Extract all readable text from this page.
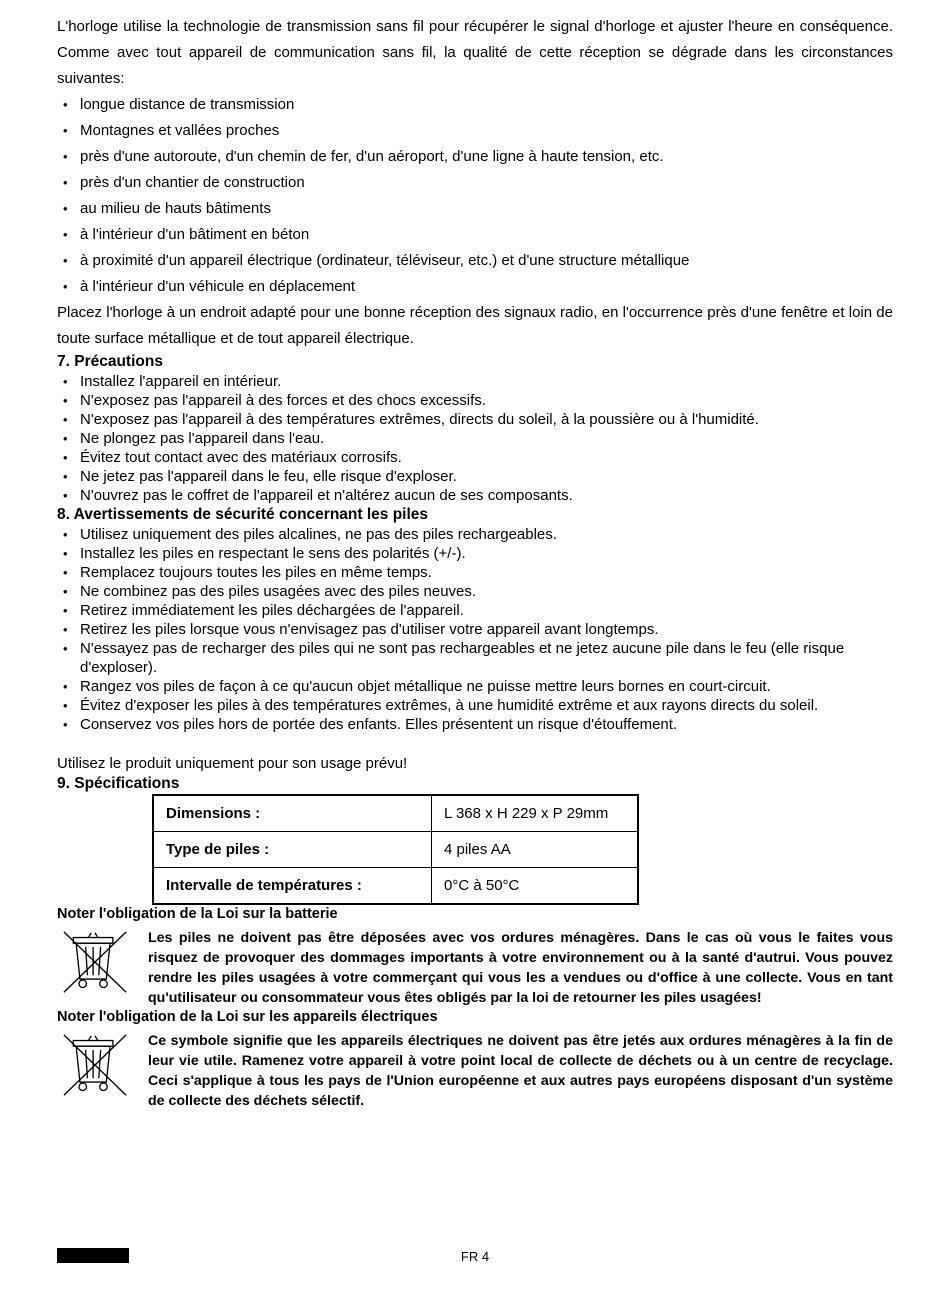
L'horloge utilise la technologie de transmission sans fil pour récupérer le signal d'horloge et ajuster l'heure en conséquence. Comme avec tout appareil de communication sans fil, la qualité de cette réception se dégrade dans les circonstances suivantes:

• longue distance de transmission
• Montagnes et vallées proches
• près d'une autoroute, d'un chemin de fer, d'un aéroport, d'une ligne à haute tension, etc.
• près d'un chantier de construction
• au milieu de hauts bâtiments
• à l'intérieur d'un bâtiment en béton
• à proximité d'un appareil électrique (ordinateur, téléviseur, etc.) et d'une structure métallique
• à l'intérieur d'un véhicule en déplacement

Placez l'horloge à un endroit adapté pour une bonne réception des signaux radio, en l'occurrence près d'une fenêtre et loin de toute surface métallique et de tout appareil électrique.

7. Précautions
• Installez l'appareil en intérieur.
• N'exposez pas l'appareil à des forces et des chocs excessifs.
• N'exposez pas l'appareil à des températures extrêmes, directs du soleil, à la poussière ou à l'humidité.
• Ne plongez pas l'appareil dans l'eau.
• Évitez tout contact avec des matériaux corrosifs.
• Ne jetez pas l'appareil dans le feu, elle risque d'exploser.
• N'ouvrez pas le coffret de l'appareil et n'altérez aucun de ses composants.
8. Avertissements de sécurité concernant les piles
• Utilisez uniquement des piles alcalines, ne pas des piles rechargeables.
• Installez les piles en respectant le sens des polarités (+/-).
• Remplacez toujours toutes les piles en même temps.
• Ne combinez pas des piles usagées avec des piles neuves.
• Retirez immédiatement les piles déchargées de l'appareil.
• Retirez les piles lorsque vous n'envisagez pas d'utiliser votre appareil avant longtemps.
• N'essayez pas de recharger des piles qui ne sont pas rechargeables et ne jetez aucune pile dans le feu (elle risque d'exploser).
• Rangez vos piles de façon à ce qu'aucun objet métallique ne puisse mettre leurs bornes en court-circuit.
• Évitez d'exposer les piles à des températures extrêmes, à une humidité extrême et aux rayons directs du soleil.
• Conservez vos piles hors de portée des enfants. Elles présentent un risque d'étouffement.

Utilisez le produit uniquement pour son usage prévu!

9. Spécifications
Dimensions :	L 368 x H 229 x P 29mm
Type de piles :	4 piles AA
Intervalle de températures :	0°C à 50°C
Noter l'obligation de la Loi sur la batterie

Les piles ne doivent pas être déposées avec vos ordures ménagères. Dans le cas où vous le faites vous risquez de provoquer des dommages importants à votre environnement ou à la santé d'autrui. Vous pouvez rendre les piles usagées à votre commerçant qui vous les a vendues ou d'office à une collecte. Vous en tant qu'utilisateur ou consommateur vous êtes obligés par la loi de retourner les piles usagées!

Noter l'obligation de la Loi sur les appareils électriques

Ce symbole signifie que les appareils électriques ne doivent pas être jetés aux ordures ménagères à la fin de leur vie utile. Ramenez votre appareil à votre point local de collecte de déchets ou à un centre de recyclage. Ceci s'applique à tous les pays de l'Union européenne et aux autres pays européens disposant d'un système de collecte des déchets sélectif.

FR 4
